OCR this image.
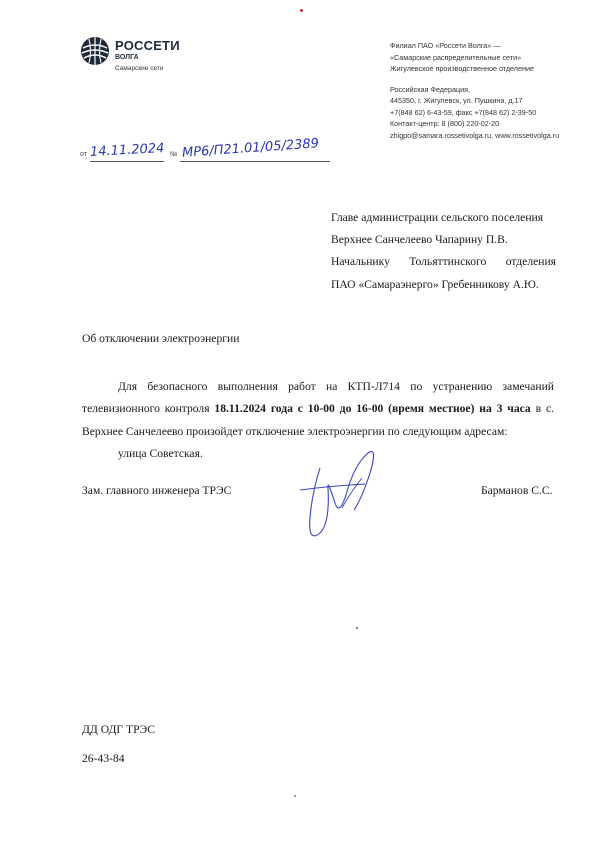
РОССЕТИ
ВОЛГА
Самарские сети
Филиал ПАО «Россети Волга» —
«Самарские распределительные сети»
Жигулевское производственное отделение
Российская Федерация,
445350, г. Жигулевск, ул. Пушкина, д.17
+7(848 62) 6-43-59, факс +7(848 62) 2-39-50
Контакт-центр: 8 (800) 220-02-20
zhigpo@samara.rossetivolga.ru, www.rossetivolga.ru
от 14.11.2024 № МР6/П21.01/05/2389
Главе администрации сельского поселения
Верхнее Санчелеево Чапарину П.В.
Начальнику Тольяттинского отделения
ПАО «Самараэнерго» Гребенникову А.Ю.
Об отключении электроэнергии

Для безопасного выполнения работ на КТП-Л714 по устранению замечаний телевизионного контроля 18.11.2024 года с 10-00 до 16-00 (время местное) на 3 часа в с. Верхнее Санчелеево произойдет отключение электроэнергии по следующим адресам:

улица Советская.

Зам. главного инженера ТРЭС	Барманов С.С.
ДД ОДГ ТРЭС
26-43-84
